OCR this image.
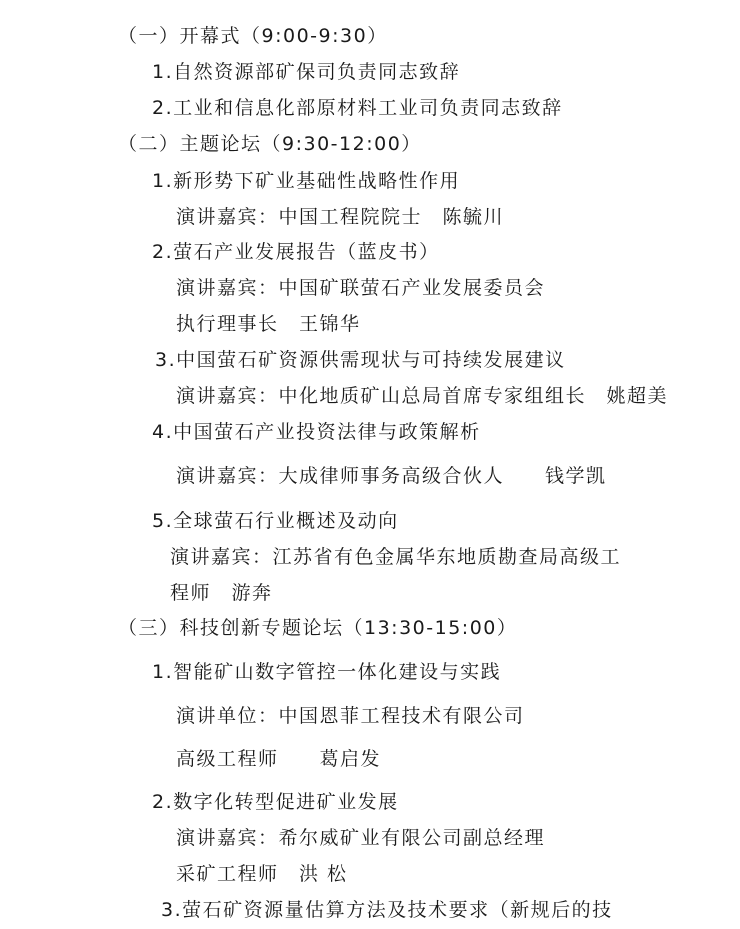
（一）开幕式（9:00-9:30）
1.自然资源部矿保司负责同志致辞
2.工业和信息化部原材料工业司负责同志致辞
（二）主题论坛（9:30-12:00）
1.新形势下矿业基础性战略性作用
演讲嘉宾：中国工程院院士　陈毓川
2.萤石产业发展报告（蓝皮书）
演讲嘉宾：中国矿联萤石产业发展委员会
执行理事长　王锦华
3.中国萤石矿资源供需现状与可持续发展建议
演讲嘉宾：中化地质矿山总局首席专家组组长　姚超美
4.中国萤石产业投资法律与政策解析
演讲嘉宾：大成律师事务高级合伙人　　钱学凯
5.全球萤石行业概述及动向
演讲嘉宾：江苏省有色金属华东地质勘查局高级工
程师　游奔
（三）科技创新专题论坛（13:30-15:00）
1.智能矿山数字管控一体化建设与实践
演讲单位：中国恩菲工程技术有限公司
高级工程师　　葛启发
2.数字化转型促进矿业发展
演讲嘉宾：希尔威矿业有限公司副总经理
采矿工程师　洪 松
3.萤石矿资源量估算方法及技术要求（新规后的技
